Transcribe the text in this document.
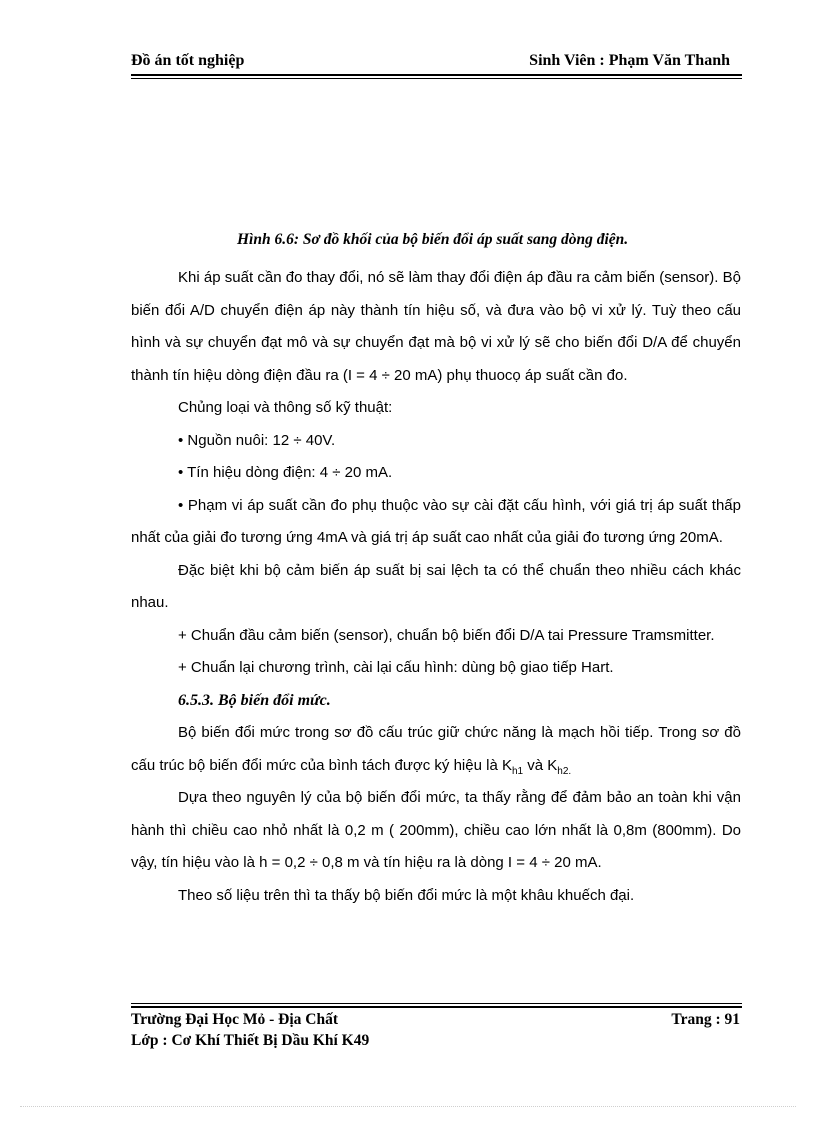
Đồ án tốt nghiệp	Sinh Viên : Phạm Văn Thanh
Hình 6.6: Sơ đồ khối của bộ biến đổi áp suất sang dòng điện.

Khi áp suất cần đo thay đổi, nó sẽ làm thay đổi điện áp đầu ra cảm biến (sensor). Bộ biến đổi A/D chuyển điện áp này thành tín hiệu số, và đưa vào bộ vi xử lý. Tuỳ theo cấu hình và sự chuyển đạt mô và sự chuyển đạt mà bộ vi xử lý sẽ cho biến đổi D/A để chuyển thành tín hiệu dòng điện đầu ra (I = 4 ÷ 20 mA) phụ thuocọ áp suất cần đo.

Chủng loại và thông số kỹ thuật:

• Nguồn nuôi: 12 ÷ 40V.

• Tín hiệu dòng điện: 4 ÷ 20 mA.

• Phạm vi áp suất cần đo phụ thuộc vào sự cài đặt cấu hình, với giá trị áp suất thấp nhất của giải đo tương ứng 4mA và giá trị áp suất cao nhất của giải đo tương ứng 20mA.

Đặc biệt khi bộ cảm biến áp suất bị sai lệch ta có thể chuẩn theo nhiều cách khác nhau.

+ Chuẩn đầu cảm biến (sensor), chuẩn bộ biến đổi D/A tai Pressure Tramsmitter.

+ Chuẩn lại chương trình, cài lại cấu hình: dùng bộ giao tiếp Hart.

6.5.3. Bộ biến đổi mức.

Bộ biến đổi mức trong sơ đồ cấu trúc giữ chức năng là mạch hồi tiếp. Trong sơ đồ cấu trúc bộ biến đổi mức của bình tách được ký hiệu là $K_{h1}$ và $K_{h2.}$

Dựa theo nguyên lý của bộ biến đổi mức, ta thấy rằng để đảm bảo an toàn khi vận hành thì chiều cao nhỏ nhất là 0,2 m ( 200mm), chiều cao lớn nhất là 0,8m (800mm). Do vậy, tín hiệu vào là h = 0,2 ÷ 0,8 m và tín hiệu ra là dòng I = 4 ÷ 20 mA.

Theo số liệu trên thì ta thấy bộ biến đổi mức là một khâu khuếch đại.

Trường Đại Học Mỏ - Địa Chất	Trang : 91
Lớp : Cơ Khí Thiết Bị Dầu Khí K49
